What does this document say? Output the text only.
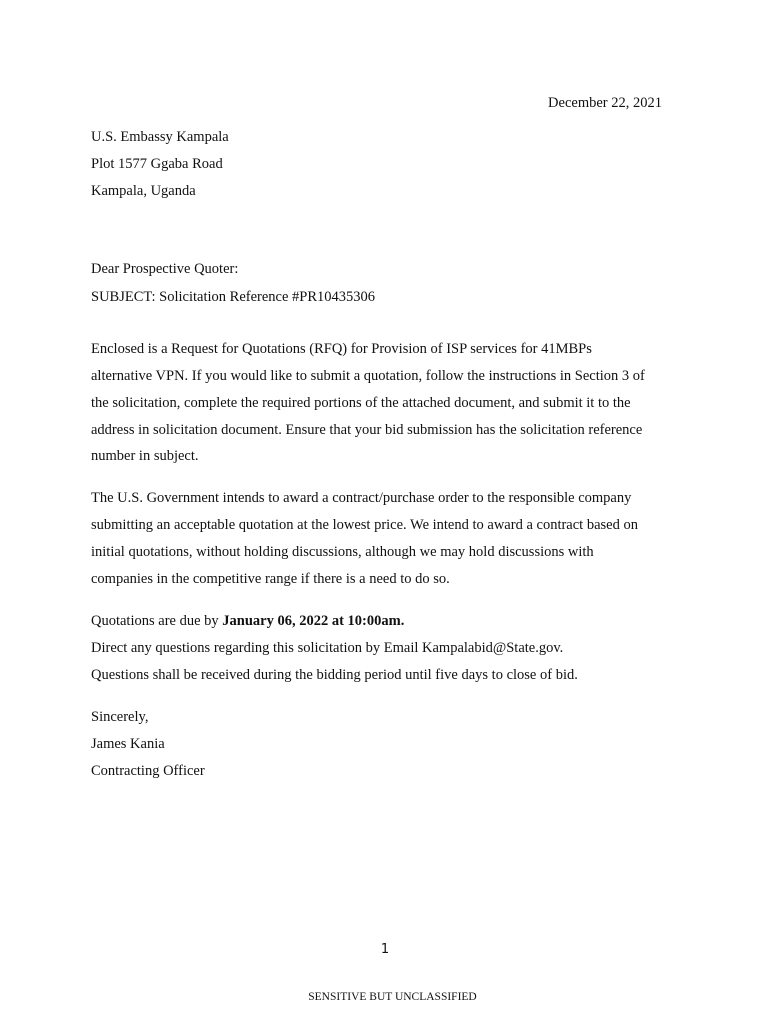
December 22, 2021
U.S. Embassy Kampala
Plot 1577 Ggaba Road
Kampala, Uganda
Dear Prospective Quoter:
SUBJECT: Solicitation Reference #PR10435306
Enclosed is a Request for Quotations (RFQ) for Provision of ISP services for 41MBPs
alternative VPN. If you would like to submit a quotation, follow the instructions in Section 3 of
the solicitation, complete the required portions of the attached document, and submit it to the
address in solicitation document. Ensure that your bid submission has the solicitation reference
number in subject.
The U.S. Government intends to award a contract/purchase order to the responsible company
submitting an acceptable quotation at the lowest price. We intend to award a contract based on
initial quotations, without holding discussions, although we may hold discussions with
companies in the competitive range if there is a need to do so.
Quotations are due by January 06, 2022 at 10:00am.
Direct any questions regarding this solicitation by Email Kampalabid@State.gov.
Questions shall be received during the bidding period until five days to close of bid.
Sincerely,
James Kania
Contracting Officer
1
SENSITIVE BUT UNCLASSIFIED
